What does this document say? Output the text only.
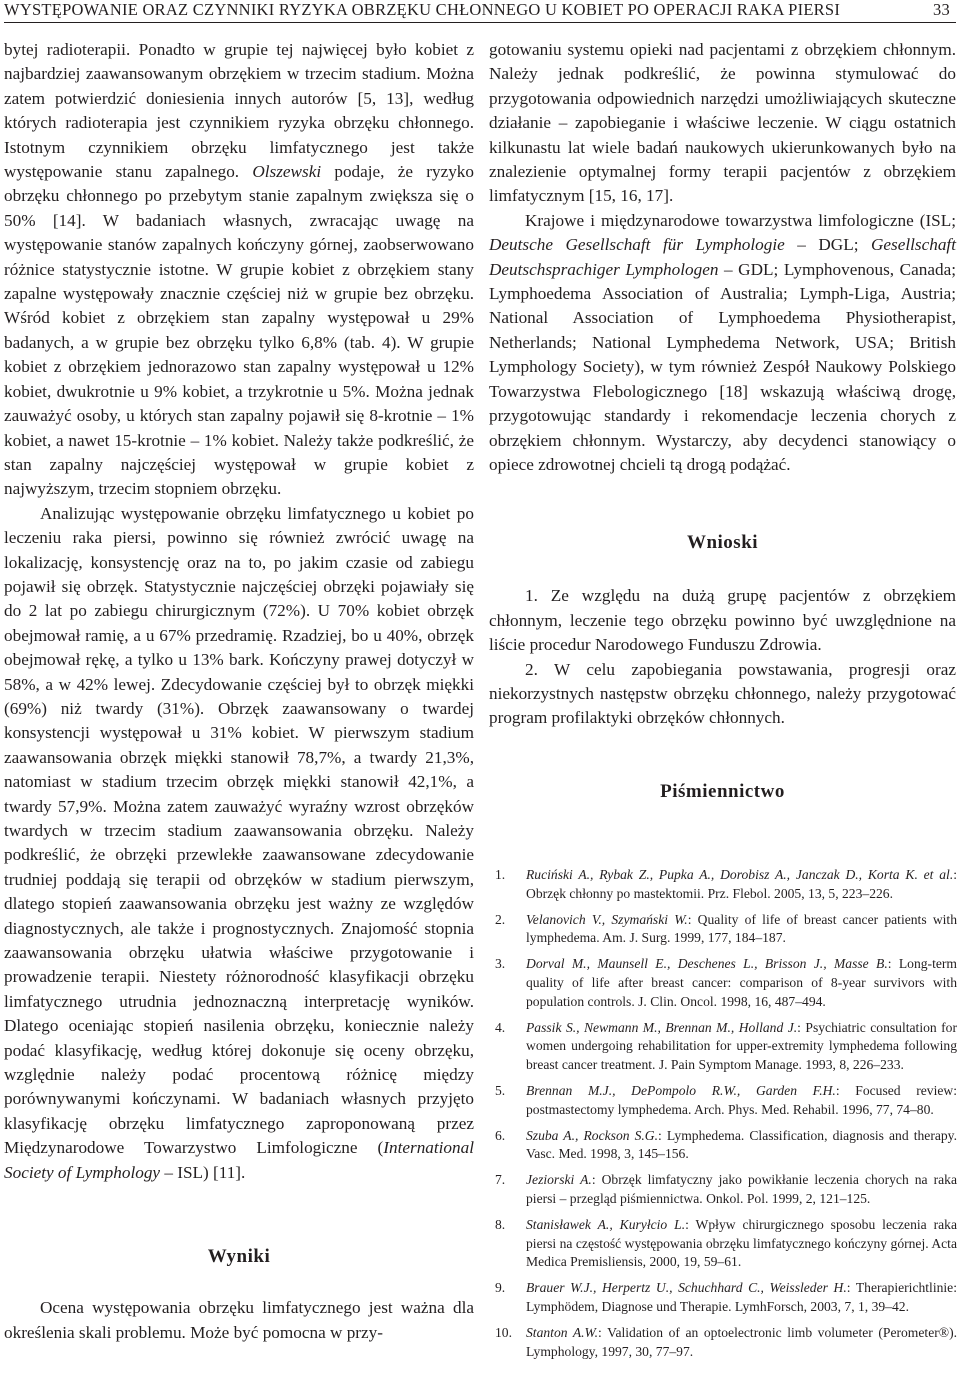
WYSTĘPOWANIE ORAZ CZYNNIKI RYZYKA OBRZĘKU CHŁONNEGO U KOBIET PO OPERACJI RAKA PIERSI	33

bytej radioterapii. Ponadto w grupie tej najwięcej było kobiet z najbardziej zaawansowanym obrzękiem w trzecim stadium. Można zatem potwierdzić doniesienia innych autorów [5, 13], według których radioterapia jest czynnikiem ryzyka obrzęku chłonnego. Istotnym czynnikiem obrzęku limfatycznego jest także występowanie stanu zapalnego. Olszewski podaje, że ryzyko obrzęku chłonnego po przebytym stanie zapalnym zwiększa się o 50% [14]. W badaniach własnych, zwracając uwagę na występowanie stanów zapalnych kończyny górnej, zaobserwowano różnice statystycznie istotne. W grupie kobiet z obrzękiem stany zapalne występowały znacznie częściej niż w grupie bez obrzęku. Wśród kobiet z obrzękiem stan zapalny występował u 29% badanych, a w grupie bez obrzęku tylko 6,8% (tab. 4). W grupie kobiet z obrzękiem jednorazowo stan zapalny występował u 12% kobiet, dwukrotnie u 9% kobiet, a trzykrotnie u 5%. Można jednak zauważyć osoby, u których stan zapalny pojawił się 8-krotnie – 1% kobiet, a nawet 15-krotnie – 1% kobiet. Należy także podkreślić, że stan zapalny najczęściej występował w grupie kobiet z najwyższym, trzecim stopniem obrzęku.

Analizując występowanie obrzęku limfatycznego u kobiet po leczeniu raka piersi, powinno się również zwrócić uwagę na lokalizację, konsystencję oraz na to, po jakim czasie od zabiegu pojawił się obrzęk. Statystycznie najczęściej obrzęki pojawiały się do 2 lat po zabiegu chirurgicznym (72%). U 70% kobiet obrzęk obejmował ramię, a u 67% przedramię. Rzadziej, bo u 40%, obrzęk obejmował rękę, a tylko u 13% bark. Kończyny prawej dotyczył w 58%, a w 42% lewej. Zdecydowanie częściej był to obrzęk miękki (69%) niż twardy (31%). Obrzęk zaawansowany o twardej konsystencji występował u 31% kobiet. W pierwszym stadium zaawansowania obrzęk miękki stanowił 78,7%, a twardy 21,3%, natomiast w stadium trzecim obrzęk miękki stanowił 42,1%, a twardy 57,9%. Można zatem zauważyć wyraźny wzrost obrzęków twardych w trzecim stadium zaawansowania obrzęku. Należy podkreślić, że obrzęki przewlekłe zaawansowane zdecydowanie trudniej poddają się terapii od obrzęków w stadium pierwszym, dlatego stopień zaawansowania obrzęku jest ważny ze względów diagnostycznych, ale także i prognostycznych. Znajomość stopnia zaawansowania obrzęku ułatwia właściwe przygotowanie i prowadzenie terapii. Niestety różnorodność klasyfikacji obrzęku limfatycznego utrudnia jednoznaczną interpretację wyników. Dlatego oceniając stopień nasilenia obrzęku, koniecznie należy podać klasyfikację, według której dokonuje się oceny obrzęku, względnie należy podać procentową różnicę między porównywanymi kończynami. W badaniach własnych przyjęto klasyfikację obrzęku limfatycznego zaproponowaną przez Międzynarodowe Towarzystwo Limfologiczne (International Society of Lymphology – ISL) [11].

Wyniki

Ocena występowania obrzęku limfatycznego jest ważna dla określenia skali problemu. Może być pomocna w przy-

gotowaniu systemu opieki nad pacjentami z obrzękiem chłonnym. Należy jednak podkreślić, że powinna stymulować do przygotowania odpowiednich narzędzi umożliwiających skuteczne działanie – zapobieganie i właściwe leczenie. W ciągu ostatnich kilkunastu lat wiele badań naukowych ukierunkowanych było na znalezienie optymalnej formy terapii pacjentów z obrzękiem limfatycznym [15, 16, 17].

Krajowe i międzynarodowe towarzystwa limfologiczne (ISL; Deutsche Gesellschaft für Lymphologie – DGL; Gesellschaft Deutschsprachiger Lymphologen – GDL; Lymphovenous, Canada; Lymphoedema Association of Australia; Lymph-Liga, Austria; National Association of Lymphoedema Physiotherapist, Netherlands; National Lymphedema Network, USA; British Lymphology Society), w tym również Zespół Naukowy Polskiego Towarzystwa Flebologicznego [18] wskazują właściwą drogę, przygotowując standardy i rekomendacje leczenia chorych z obrzękiem chłonnym. Wystarczy, aby decydenci stanowiący o opiece zdrowotnej chcieli tą drogą podążać.

Wnioski

1. Ze względu na dużą grupę pacjentów z obrzękiem chłonnym, leczenie tego obrzęku powinno być uwzględnione na liście procedur Narodowego Funduszu Zdrowia.

2. W celu zapobiegania powstawania, progresji oraz niekorzystnych następstw obrzęku chłonnego, należy przygotować program profilaktyki obrzęków chłonnych.

Piśmiennictwo
1.	Ruciński A., Rybak Z., Pupka A., Dorobisz A., Janczak D., Korta K. et al.: Obrzęk chłonny po mastektomii. Prz. Flebol. 2005, 13, 5, 223–226.
2.	Velanovich V., Szymański W.: Quality of life of breast cancer patients with lymphedema. Am. J. Surg. 1999, 177, 184–187.
3.	Dorval M., Maunsell E., Deschenes L., Brisson J., Masse B.: Long-term quality of life after breast cancer: comparison of 8-year survivors with population controls. J. Clin. Oncol. 1998, 16, 487–494.
4.	Passik S., Newmann M., Brennan M., Holland J.: Psychiatric consultation for women undergoing rehabilitation for upper-extremity lymphedema following breast cancer treatment. J. Pain Symptom Manage. 1993, 8, 226–233.
5.	Brennan M.J., DePompolo R.W., Garden F.H.: Focused review: postmastectomy lymphedema. Arch. Phys. Med. Rehabil. 1996, 77, 74–80.
6.	Szuba A., Rockson S.G.: Lymphedema. Classification, diagnosis and therapy. Vasc. Med. 1998, 3, 145–156.
7.	Jeziorski A.: Obrzęk limfatyczny jako powikłanie leczenia chorych na raka piersi – przegląd piśmiennictwa. Onkol. Pol. 1999, 2, 121–125.
8.	Stanisławek A., Kuryłcio L.: Wpływ chirurgicznego sposobu leczenia raka piersi na częstość występowania obrzęku limfatycznego kończyny górnej. Acta Medica Premisliensis, 2000, 19, 59–61.
9.	Brauer W.J., Herpertz U., Schuchhard C., Weissleder H.: Therapierichtlinie: Lymphödem, Diagnose und Therapie. LymhForsch, 2003, 7, 1, 39–42.
10.	Stanton A.W.: Validation of an optoelectronic limb volumeter (Perometer®). Lymphology, 1997, 30, 77–97.
